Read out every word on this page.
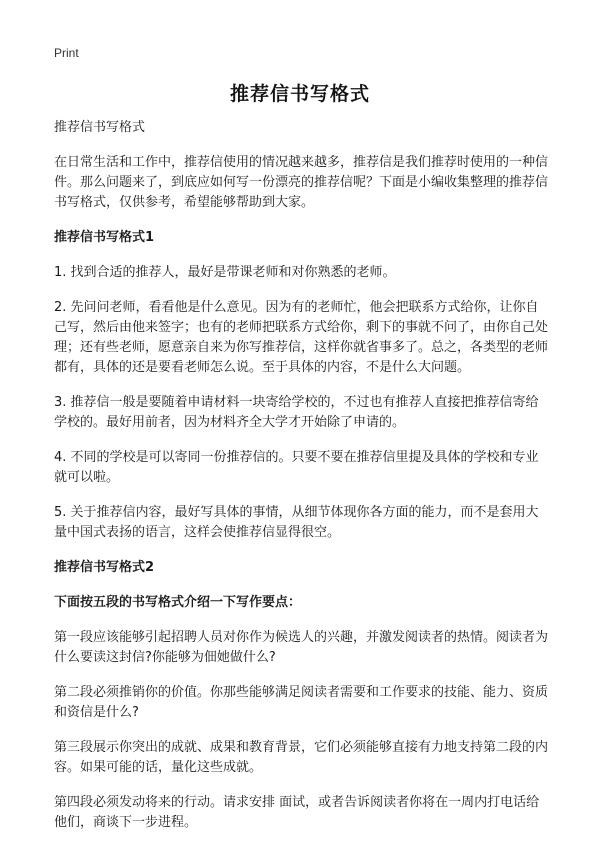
Print
推荐信书写格式

推荐信书写格式

在日常生活和工作中，推荐信使用的情况越来越多，推荐信是我们推荐时使用的一种信件。那么问题来了，到底应如何写一份漂亮的推荐信呢？下面是小编收集整理的推荐信书写格式，仅供参考，希望能够帮助到大家。

推荐信书写格式1

1. 找到合适的推荐人，最好是带课老师和对你熟悉的老师。

2. 先问问老师，看看他是什么意见。因为有的老师忙，他会把联系方式给你，让你自己写，然后由他来签字；也有的老师把联系方式给你，剩下的事就不问了，由你自己处理；还有些老师，愿意亲自来为你写推荐信，这样你就省事多了。总之，各类型的老师都有，具体的还是要看老师怎么说。至于具体的内容，不是什么大问题。

3. 推荐信一般是要随着申请材料一块寄给学校的，不过也有推荐人直接把推荐信寄给学校的。最好用前者，因为材料齐全大学才开始除了申请的。

4. 不同的学校是可以寄同一份推荐信的。只要不要在推荐信里提及具体的学校和专业就可以啦。

5. 关于推荐信内容，最好写具体的事情，从细节体现你各方面的能力，而不是套用大量中国式表扬的语言，这样会使推荐信显得很空。

推荐信书写格式2
下面按五段的书写格式介绍一下写作要点：

第一段应该能够引起招聘人员对你作为候选人的兴趣，并激发阅读者的热情。阅读者为什么要读这封信?你能够为佃她做什么?

第二段必须推销你的价值。你那些能够满足阅读者需要和工作要求的技能、能力、资质和资信是什么?

第三段展示你突出的成就、成果和教育背景，它们必须能够直接有力地支持第二段的内容。如果可能的话，量化这些成就。

第四段必须发动将来的行动。请求安排 面试，或者告诉阅读者你将在一周内打电话给他们，商谈下一步进程。
